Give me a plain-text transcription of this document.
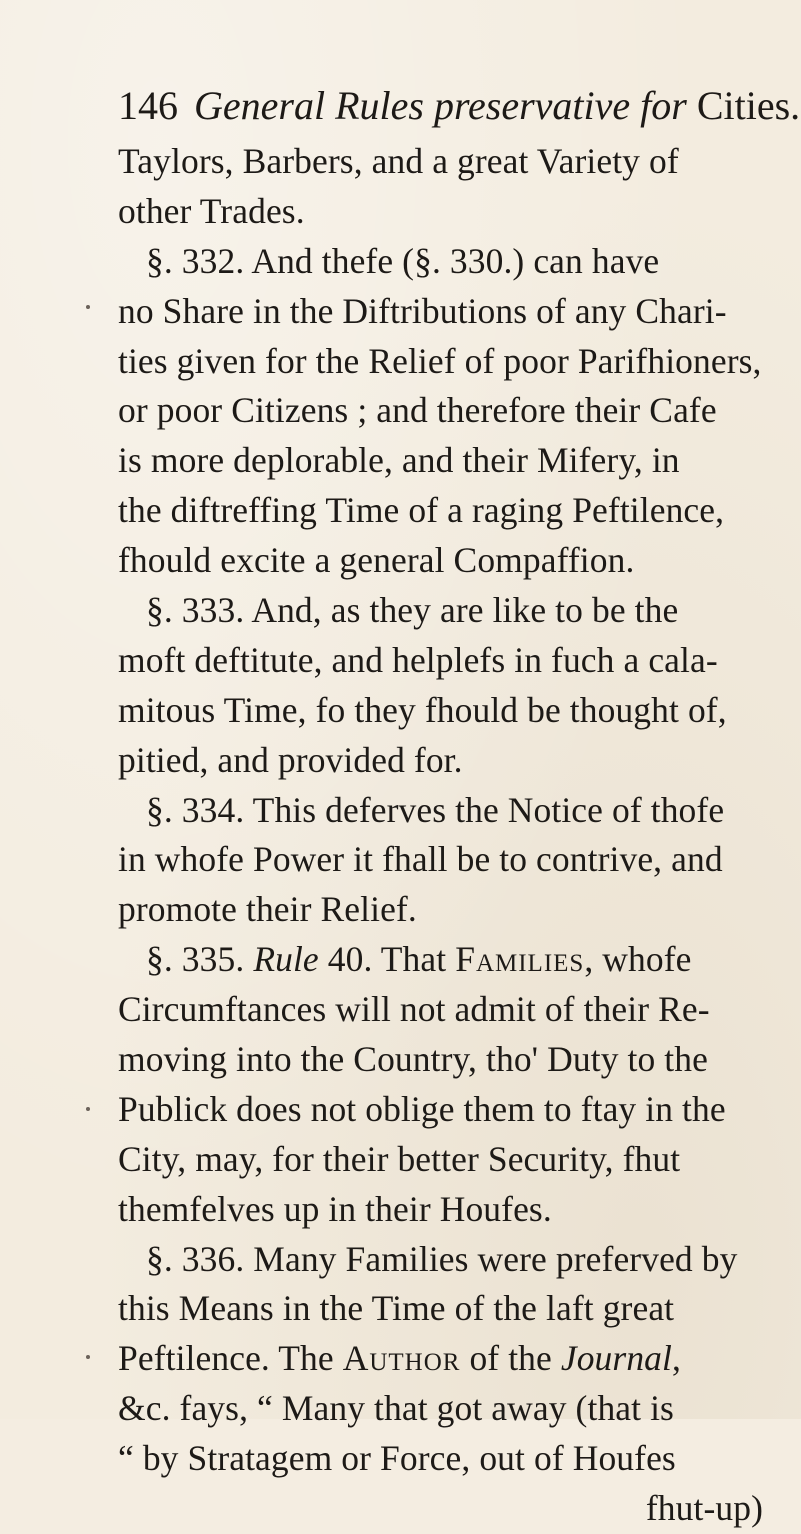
146 General Rules preservative for Cities.
Taylors, Barbers, and a great Variety of
other Trades.
§. 332. And thefe (§. 330.) can have
no Share in the Diftributions of any Chari-
ties given for the Relief of poor Parifhioners,
or poor Citizens ; and therefore their Cafe
is more deplorable, and their Mifery, in
the diftreffing Time of a raging Peftilence,
fhould excite a general Compaffion.
§. 333. And, as they are like to be the
moft deftitute, and helplefs in fuch a cala-
mitous Time, fo they fhould be thought of,
pitied, and provided for.
§. 334. This deferves the Notice of thofe
in whofe Power it fhall be to contrive, and
promote their Relief.
§. 335. Rule 40. That Families, whofe
Circumftances will not admit of their Re-
moving into the Country, tho' Duty to the
Publick does not oblige them to ftay in the
City, may, for their better Security, fhut
themfelves up in their Houfes.
§. 336. Many Families were preferved by
this Means in the Time of the laft great
Peftilence. The Author of the Journal,
&c. fays, “ Many that got away (that is
“ by Stratagem or Force, out of Houfes
fhut-up)
